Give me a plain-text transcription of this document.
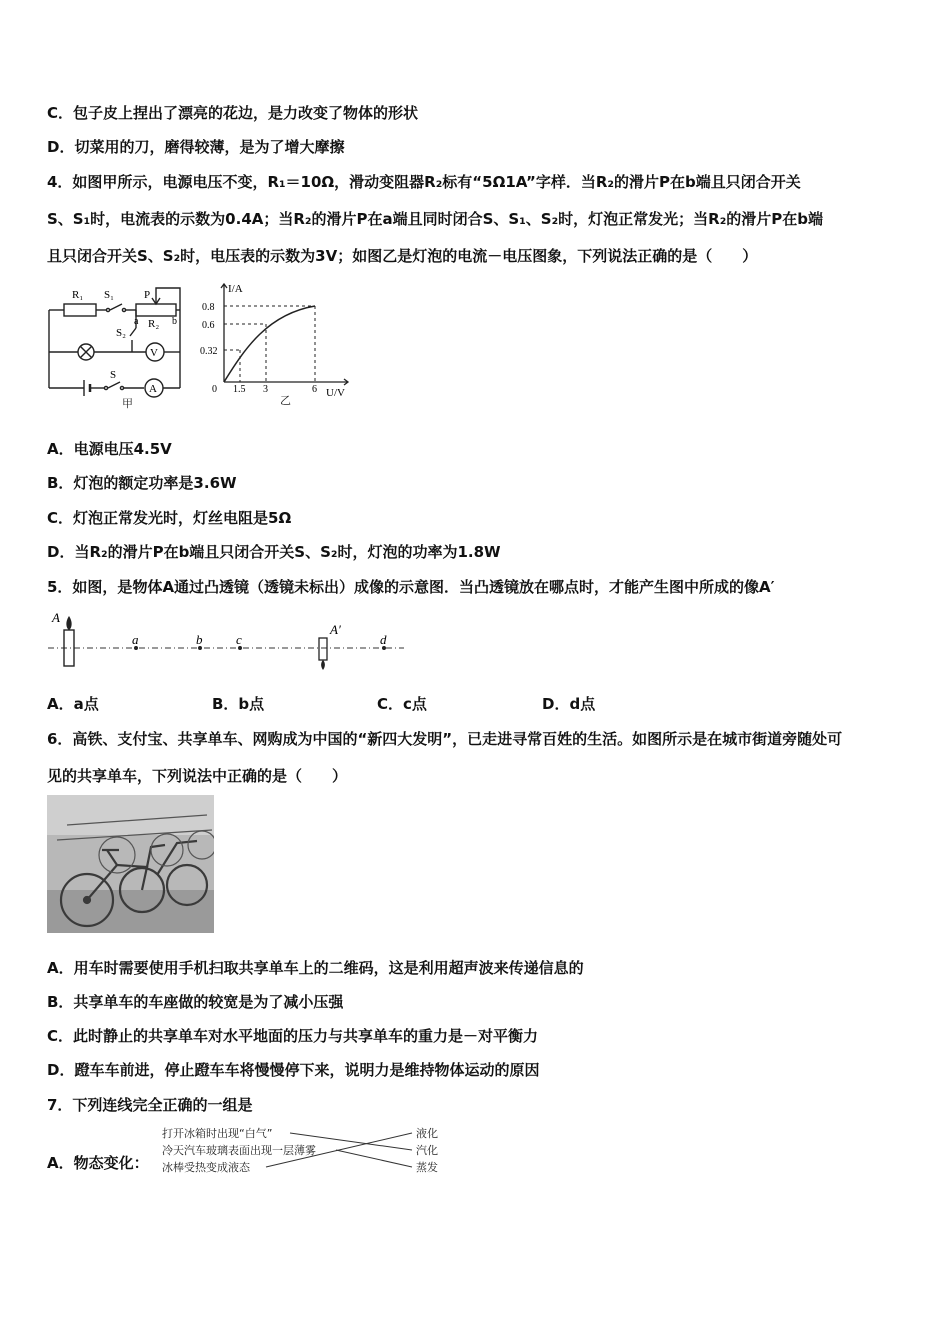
C．包子皮上捏出了漂亮的花边，是力改变了物体的形状
D．切菜用的刀，磨得较薄，是为了增大摩擦
4．如图甲所示，电源电压不变，R₁＝10Ω，滑动变阻器R₂标有“5Ω1A”字样．当R₂的滑片P在b端且只闭合开关
S、S₁时，电流表的示数为0.4A；当R₂的滑片P在a端且同时闭合S、S₁、S₂时，灯泡正常发光；当R₂的滑片P在b端
且只闭合开关S、S₂时，电压表的示数为3V；如图乙是灯泡的电流－电压图象，下列说法正确的是（　　）
R₁ S₁	P
R₂
a	b
S₂
V
S
A
甲
I/A
U/V
0.8
0.6
0.32
0 1.5 3	6
乙
A．电源电压4.5V
B．灯泡的额定功率是3.6W
C．灯泡正常发光时，灯丝电阻是5Ω
D．当R₂的滑片P在b端且只闭合开关S、S₂时，灯泡的功率为1.8W
5．如图，是物体A通过凸透镜（透镜未标出）成像的示意图．当凸透镜放在哪点时，才能产生图中所成的像A′
A
a	b	c
A′
d
A．a点	B．b点	C．c点	D．d点
6．高铁、支付宝、共享单车、网购成为中国的“新四大发明”，已走进寻常百姓的生活。如图所示是在城市街道旁随处可
见的共享单车，下列说法中正确的是（　　）
A．用车时需要使用手机扫取共享单车上的二维码，这是利用超声波来传递信息的
B．共享单车的车座做的较宽是为了减小压强
C．此时静止的共享单车对水平地面的压力与共享单车的重力是－对平衡力
D．蹬车车前进，停止蹬车车将慢慢停下来，说明力是维持物体运动的原因
7．下列连线完全正确的一组是
A．物态变化：
打开冰箱时出现“白气”
冷天汽车玻璃表面出现一层薄雾
冰棒受热变成液态
液化
汽化
蒸发
